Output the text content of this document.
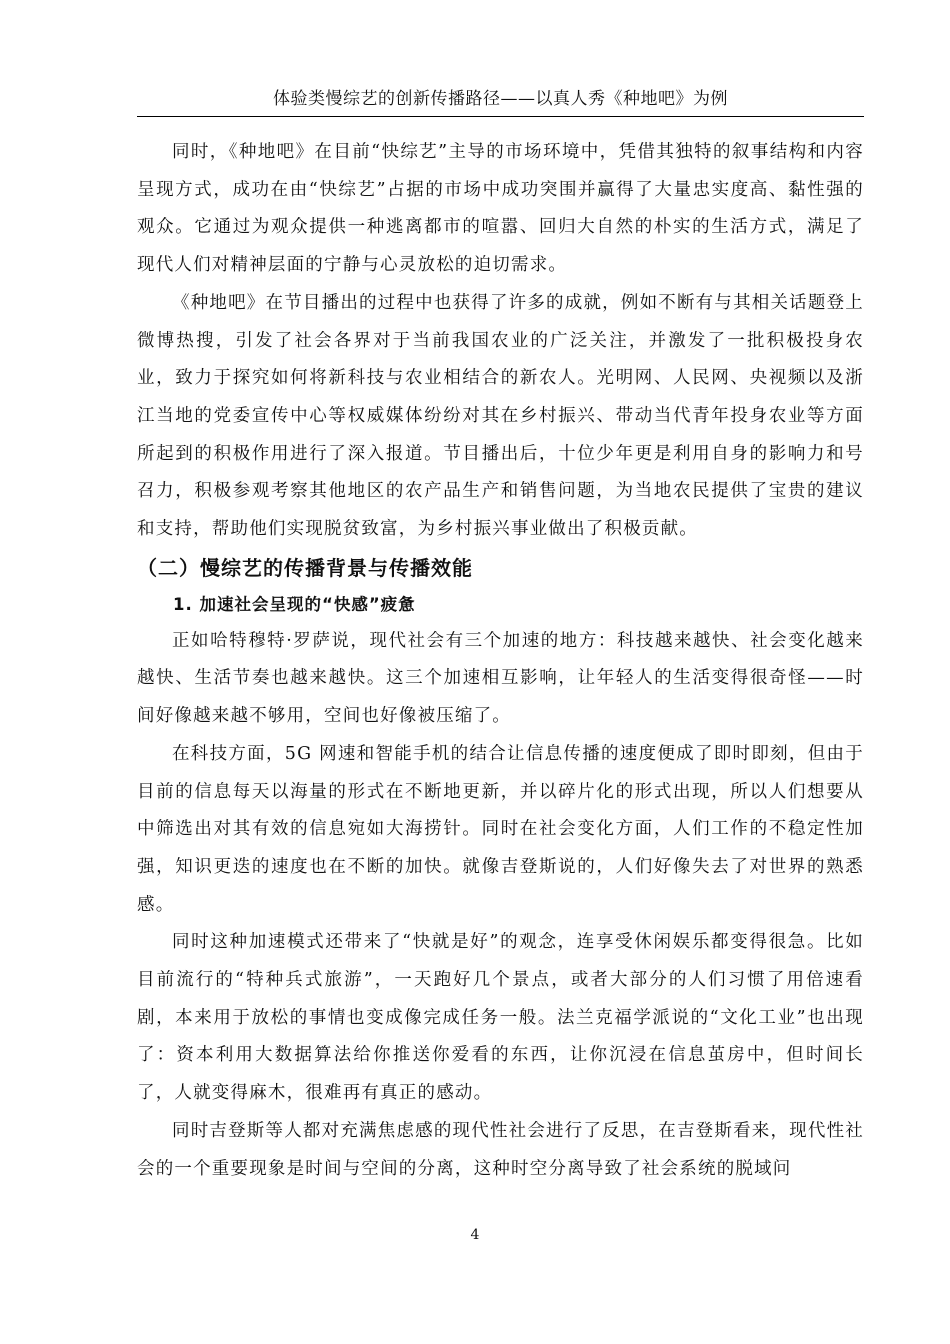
体验类慢综艺的创新传播路径——以真人秀《种地吧》为例

同时，《种地吧》在目前“快综艺”主导的市场环境中，凭借其独特的叙事结构和内容呈现方式，成功在由“快综艺”占据的市场中成功突围并赢得了大量忠实度高、黏性强的观众。它通过为观众提供一种逃离都市的喧嚣、回归大自然的朴实的生活方式，满足了现代人们对精神层面的宁静与心灵放松的迫切需求。

《种地吧》在节目播出的过程中也获得了许多的成就，例如不断有与其相关话题登上微博热搜，引发了社会各界对于当前我国农业的广泛关注，并激发了一批积极投身农业，致力于探究如何将新科技与农业相结合的新农人。光明网、人民网、央视频以及浙江当地的党委宣传中心等权威媒体纷纷对其在乡村振兴、带动当代青年投身农业等方面所起到的积极作用进行了深入报道。节目播出后，十位少年更是利用自身的影响力和号召力，积极参观考察其他地区的农产品生产和销售问题，为当地农民提供了宝贵的建议和支持，帮助他们实现脱贫致富，为乡村振兴事业做出了积极贡献。

（二）慢综艺的传播背景与传播效能
1. 加速社会呈现的“快感”疲惫

正如哈特穆特·罗萨说，现代社会有三个加速的地方：科技越来越快、社会变化越来越快、生活节奏也越来越快。这三个加速相互影响，让年轻人的生活变得很奇怪——时间好像越来越不够用，空间也好像被压缩了。

在科技方面，5G 网速和智能手机的结合让信息传播的速度便成了即时即刻，但由于目前的信息每天以海量的形式在不断地更新，并以碎片化的形式出现，所以人们想要从中筛选出对其有效的信息宛如大海捞针。同时在社会变化方面，人们工作的不稳定性加强，知识更迭的速度也在不断的加快。就像吉登斯说的，人们好像失去了对世界的熟悉感。

同时这种加速模式还带来了“快就是好”的观念，连享受休闲娱乐都变得很急。比如目前流行的“特种兵式旅游”，一天跑好几个景点，或者大部分的人们习惯了用倍速看剧，本来用于放松的事情也变成像完成任务一般。法兰克福学派说的“文化工业”也出现了：资本利用大数据算法给你推送你爱看的东西，让你沉浸在信息茧房中，但时间长了，人就变得麻木，很难再有真正的感动。

同时吉登斯等人都对充满焦虑感的现代性社会进行了反思，在吉登斯看来，现代性社会的一个重要现象是时间与空间的分离，这种时空分离导致了社会系统的脱域问

4
